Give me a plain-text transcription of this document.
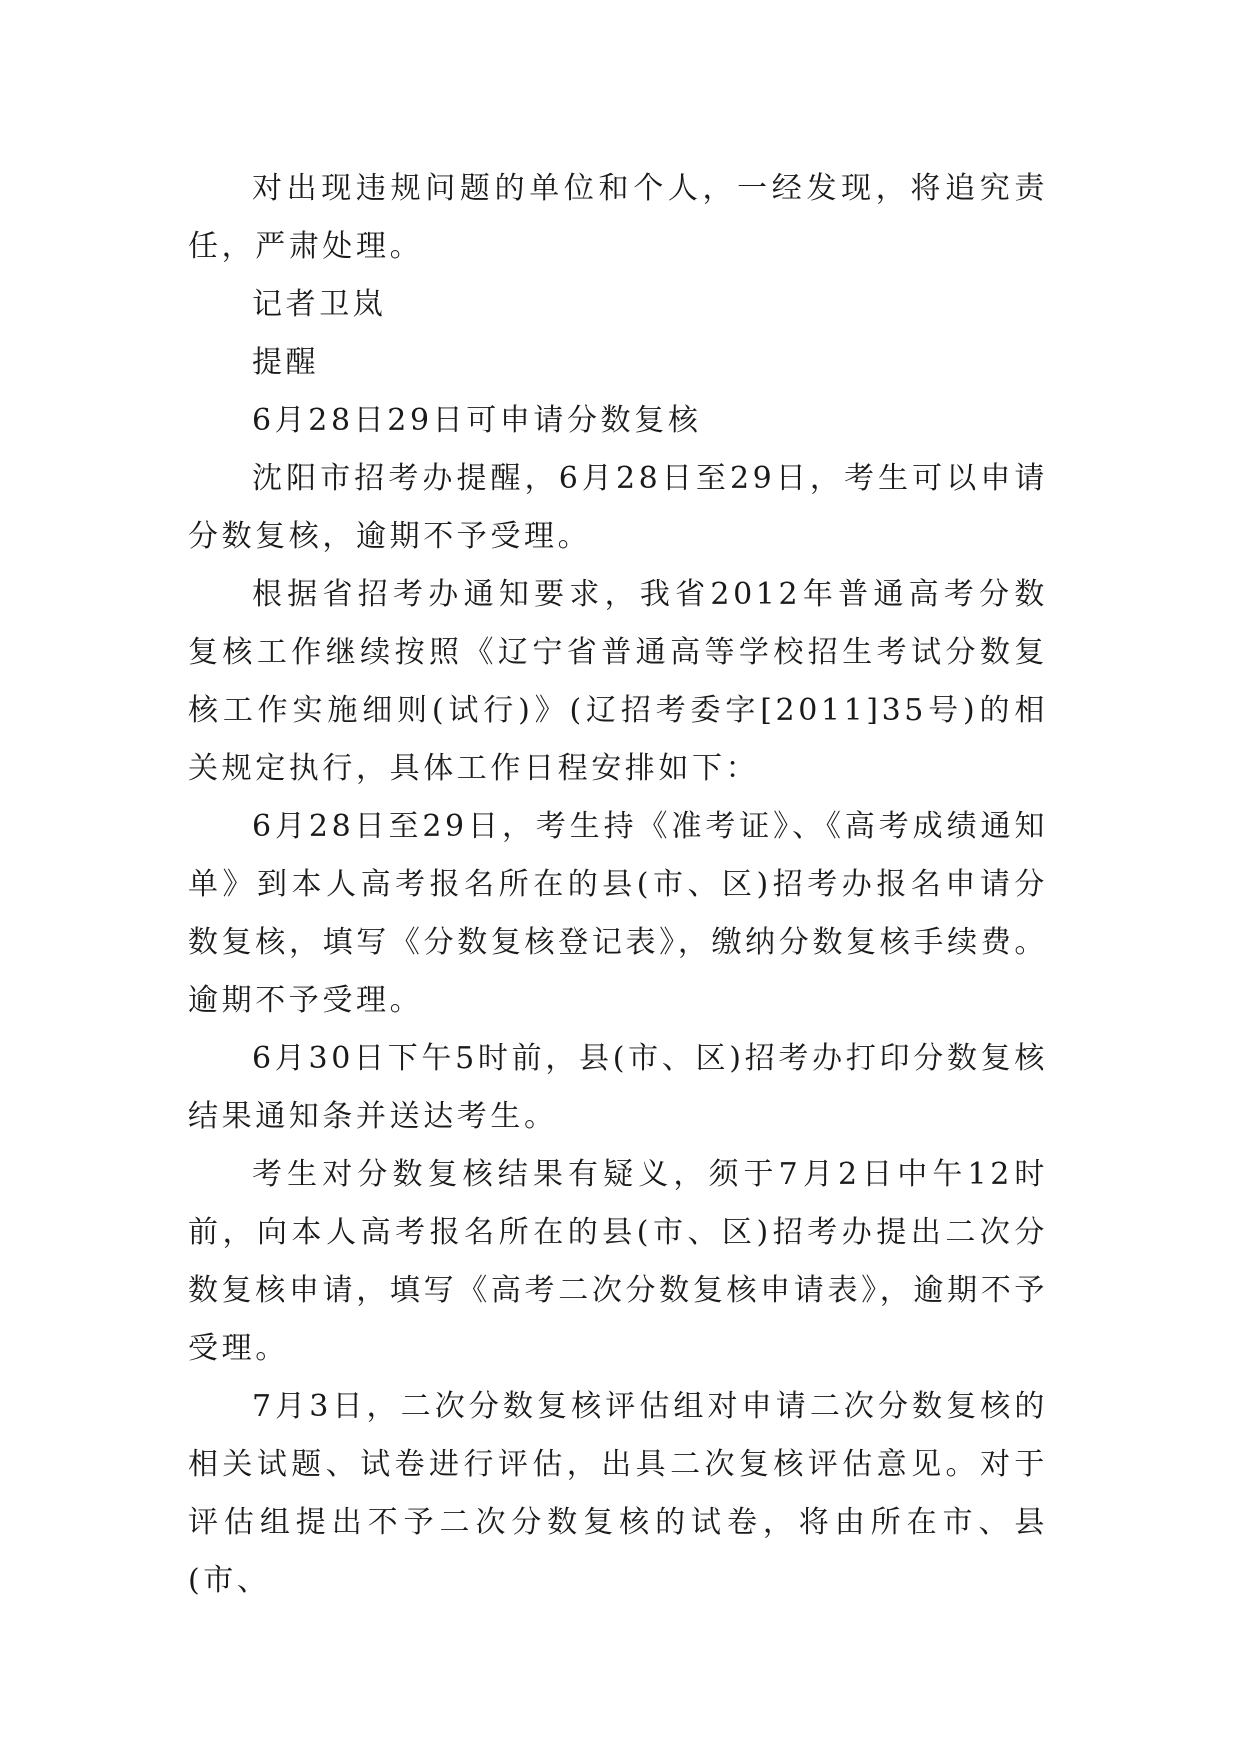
对出现违规问题的单位和个人，一经发现，将追究责任，严肃处理。

记者卫岚

提醒

6月28日29日可申请分数复核

沈阳市招考办提醒，6月28日至29日，考生可以申请分数复核，逾期不予受理。

根据省招考办通知要求，我省2012年普通高考分数复核工作继续按照《辽宁省普通高等学校招生考试分数复核工作实施细则(试行)》(辽招考委字[2011]35号)的相关规定执行，具体工作日程安排如下：

6月28日至29日，考生持《准考证》、《高考成绩通知单》到本人高考报名所在的县(市、区)招考办报名申请分数复核，填写《分数复核登记表》，缴纳分数复核手续费。逾期不予受理。

6月30日下午5时前，县(市、区)招考办打印分数复核结果通知条并送达考生。

考生对分数复核结果有疑义，须于7月2日中午12时前，向本人高考报名所在的县(市、区)招考办提出二次分数复核申请，填写《高考二次分数复核申请表》，逾期不予受理。

7月3日，二次分数复核评估组对申请二次分数复核的相关试题、试卷进行评估，出具二次复核评估意见。对于评估组提出不予二次分数复核的试卷，将由所在市、县(市、
